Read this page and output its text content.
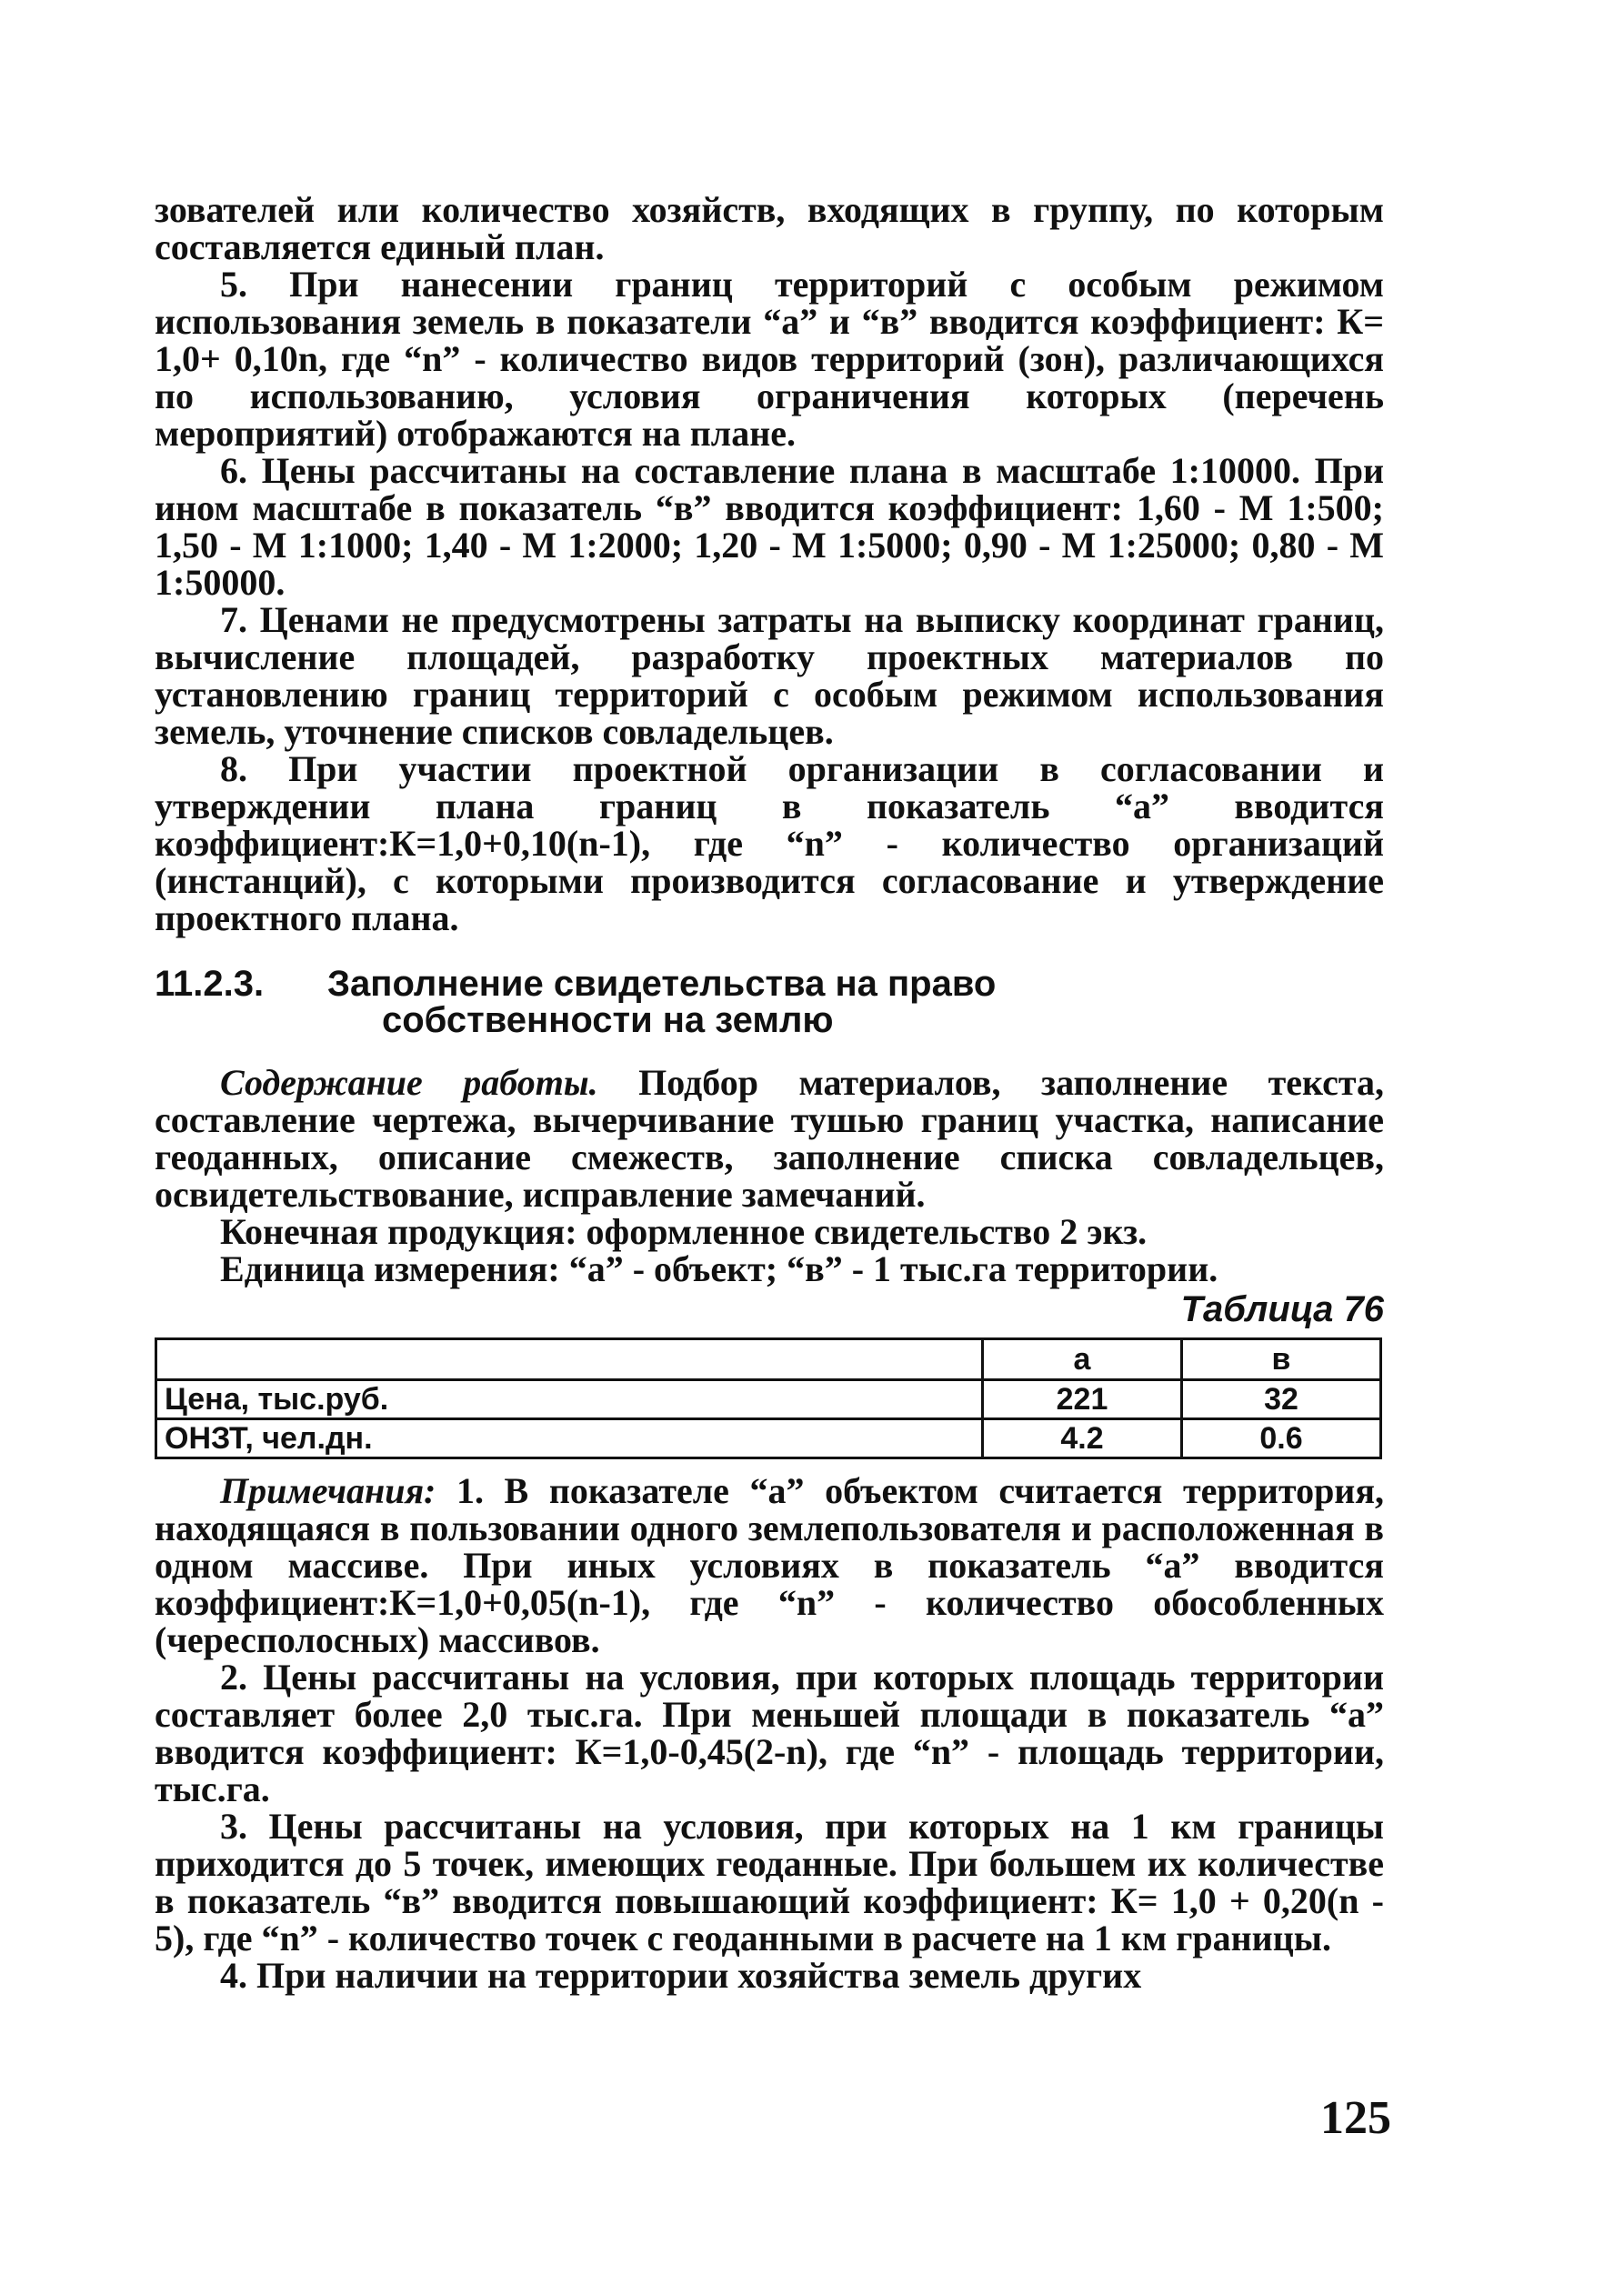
зователей или количество хозяйств, входящих в группу, по которым составляется единый план.

5. При нанесении границ территорий с особым режимом использования земель в показатели “а” и “в” вводится коэффициент: К= 1,0+ 0,10n, где “n” - количество видов территорий (зон), различающихся по использованию, условия ограничения которых (перечень мероприятий) отображаются на плане.

6. Цены рассчитаны на составление плана в масштабе 1:10000. При ином масштабе в показатель “в” вводится коэффициент: 1,60 - М 1:500; 1,50 - М 1:1000; 1,40 - М 1:2000; 1,20 - М 1:5000; 0,90 - М 1:25000; 0,80 - М 1:50000.

7. Ценами не предусмотрены затраты на выписку координат границ, вычисление площадей, разработку проектных материалов по установлению границ территорий с особым режимом использования земель, уточнение списков совладельцев.

8. При участии проектной организации в согласовании и утверждении плана границ в показатель “а” вводится коэффициент:К=1,0+0,10(n-1), где “n” - количество организаций (инстанций), с которыми производится согласование и утверждение проектного плана.

11.2.3. Заполнение свидетельства на право
собственности на землю

Содержание работы. Подбор материалов, заполнение текста, составление чертежа, вычерчивание тушью границ участка, написание геоданных, описание смежеств, заполнение списка совладельцев, освидетельствование, исправление замечаний.

Конечная продукция: оформленное свидетельство 2 экз.

Единица измерения: “а” - объект; “в” - 1 тыс.га территории.

Таблица 76
	а	в
Цена, тыс.руб.	221	32
ОНЗТ, чел.дн.	4.2	0.6

Примечания: 1. В показателе “а” объектом считается территория, находящаяся в пользовании одного землепользователя и расположенная в одном массиве. При иных условиях в показатель “а” вводится коэффициент:К=1,0+0,05(n-1), где “n” - количество обособленных (чересполосных) массивов.

2. Цены рассчитаны на условия, при которых площадь территории составляет более 2,0 тыс.га. При меньшей площади в показатель “а” вводится коэффициент: К=1,0-0,45(2-n), где “n” - площадь территории, тыс.га.

3. Цены рассчитаны на условия, при которых на 1 км границы приходится до 5 точек, имеющих геоданные. При большем их количестве в показатель “в” вводится повышающий коэффициент: К= 1,0 + 0,20(n - 5), где “n” - количество точек с геоданными в расчете на 1 км границы.

4. При наличии на территории хозяйства земель других

125
